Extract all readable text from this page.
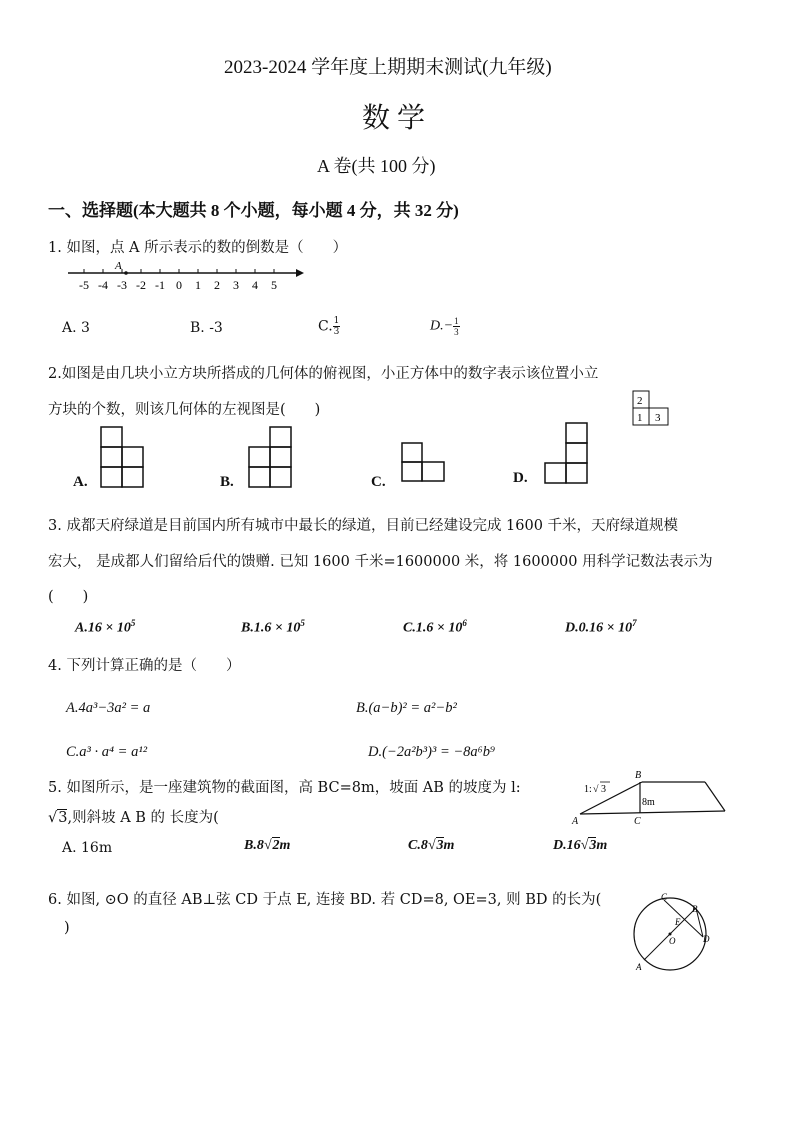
2023-2024 学年度上期期末测试(九年级)
数 学
A 卷(共 100 分)
一、选择题(本大题共 8 个小题，每小题 4 分，共 32 分)
1. 如图，点 A 所示表示的数的倒数是（　　）
A
-5 -4 -3 -2 -1 0 1 2 3 4 5
A. 3	B. -3	C. $\frac{1}{3}$	$D.- \frac{1}{3}$
2.如图是由几块小立方块所搭成的几何体的俯视图，小正方体中的数字表示该位置小立
方块的个数，则该几何体的左视图是(　　)
2
1 3
A.	B.	C.	D.
3. 成都天府绿道是目前国内所有城市中最长的绿道，目前已经建设完成 1600 千米，天府绿道规模
宏大， 是成都人们留给后代的馈赠. 已知 1600 千米=1600000 米，将 1600000 用科学记数法表示为
(　　)
$A.16 \times 10^5$	$B.1.6 \times 10^5$	$C.1.6 \times 10^6$	$D.0.16 \times 10^7$
4. 下列计算正确的是（　　）
A.4a³−3a² = a	B.(a−b)² = a²−b²
C.a³ · a⁴ = a¹²	D.(−2a²b³)³ = −8a⁶b⁹
5. 如图所示，是一座建筑物的截面图，高 BC=8m，坡面 AB 的坡度为 l:
√3,则斜坡 A B 的 长度为(
A. 16m	B.8√2m	C.8√3m	D.16√3m
1: √ 3
8m
A
B
C
6. 如图, ⊙O 的直径 AB⊥弦 CD 于点 E, 连接 BD. 若 CD=8, OE=3, 则 BD 的长为(
)
C
B
E
O	D
A
